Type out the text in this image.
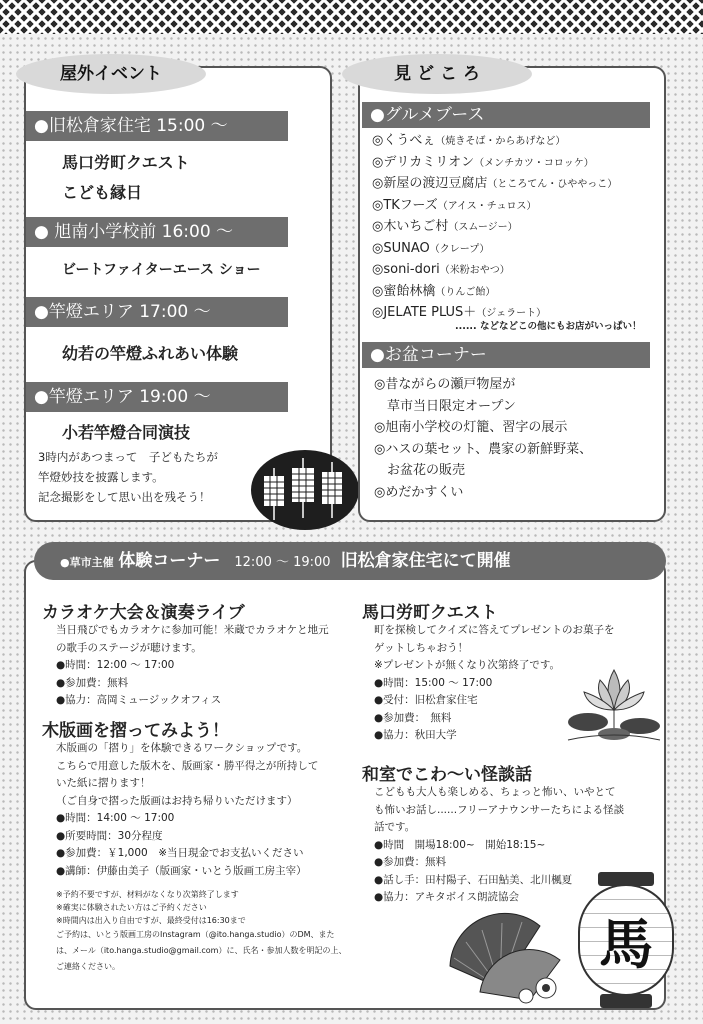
屋外イベント
●旧松倉家住宅 15:00 ～
馬口労町クエスト
こども縁日
● 旭南小学校前 16:00 ～
ビートファイターエース ショー
●竿燈エリア 17:00 ～
幼若の竿燈ふれあい体験
●竿燈エリア 19:00 ～
小若竿燈合同演技
3時内があつまって　子どもたちが
竿燈妙技を披露します。
記念撮影をして思い出を残そう！
見 ど こ ろ
●グルメブース
◎くうべぇ（焼きそば・からあげなど）
◎デリカミリオン（メンチカツ・コロッケ）
◎新屋の渡辺豆腐店（ところてん・ひややっこ）
◎TKフーズ（アイス・チュロス）
◎木いちご村（スムージー）
◎SUNAO（クレープ）
◎soni-dori（米粉おやつ）
◎蜜飴林檎（りんご飴）
◎JELATE PLUS＋（ジェラート）
...... などなどこの他にもお店がいっぱい！
●お盆コーナー
◎昔ながらの瀬戸物屋が
　草市当日限定オープン
◎旭南小学校の灯籠、習字の展示
◎ハスの葉セット、農家の新鮮野菜、
　お盆花の販売
◎めだかすくい
●草市主催 体験コーナー 12:00 ～ 19:00 旧松倉家住宅にて開催
カラオケ大会＆演奏ライブ
当日飛びでもカラオケに参加可能！米蔵でカラオケと地元
の歌手のステージが聴けます。
●時間：12:00 ～ 17:00
●参加費：無料
●協力：高岡ミュージックオフィス
木版画を摺ってみよう！
木版画の「摺り」を体験できるワークショップです。
こちらで用意した版木を、版画家・勝平得之が所持して
いた紙に摺ります！
（ご自身で摺った版画はお持ち帰りいただけます）
●時間：14:00 ～ 17:00
●所要時間：30分程度
●参加費：￥1,000　※当日現金でお支払いください
●講師：伊藤由美子（版画家・いとう版画工房主宰）
※予約不要ですが、材料がなくなり次第終了します
※確実に体験されたい方はご予約ください
※時間内は出入り自由ですが、最終受付は16:30まで
ご予約は、いとう版画工房のInstagram（@ito.hanga.studio）のDM、また
は、メール（ito.hanga.studio@gmail.com）に、氏名・参加人数を明記の上、
ご連絡ください。
馬口労町クエスト
町を探検してクイズに答えてプレゼントのお菓子を
ゲットしちゃおう！
※プレゼントが無くなり次第終了です。
●時間：15:00 ～ 17:00
●受付：旧松倉家住宅
●参加費：　無料
●協力：秋田大学
和室でこわ～い怪談話
こどもも大人も楽しめる、ちょっと怖い、いやとて
も怖いお話し......フリーアナウンサーたちによる怪談
話です。
●時間　開場18:00~　開始18:15~
●参加費：無料
●話し手：田村陽子、石田鮎美、北川楓夏
●協力：アキタボイス朗読協会
馬
